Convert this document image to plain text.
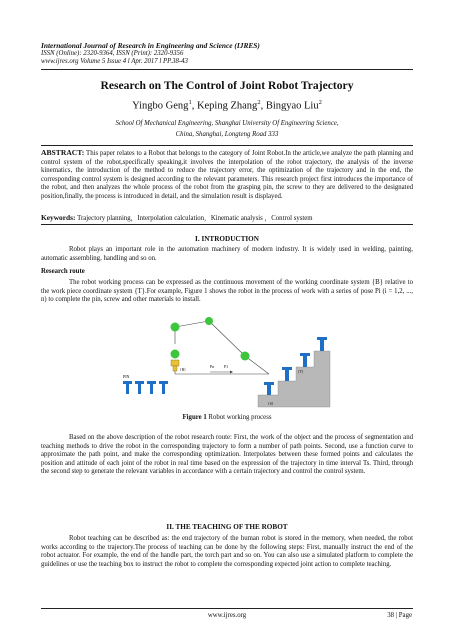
International Journal of Research in Engineering and Science (IJRES)
ISSN (Online): 2320-9364, ISSN (Print): 2320-9356
www.ijres.org Volume 5 Issue 4 l Apr. 2017 l PP.38-43
Research on The Control of Joint Robot Trajectory
Yingbo Geng$^1$, Keping Zhang$^2$, Bingyao Liu$^2$
School Of Mechanical Engineering, Shanghai University Of Engineering Science,
China, Shanghai, Longteng Road 333
ABSTRACT: This paper relates to a Robot that belongs to the category of Joint Robot.In the article,we analyze the path planning and control system of the robot,specifically speaking,it involves the interpolation of the robot trajectory, the analysis of the inverse kinematics, the introduction of the method to reduce the trajectory error, the optimization of the trajectory and in the end, the corresponding control system is designed according to the relevant parameters. This research project first introduces the importance of the robot, and then analyzes the whole process of the robot from the grasping pin, the screw to they are delivered to the designated position,finally, the process is introduced in detail, and the simulation result is displayed.
Keywords: Trajectory planning，Interpolation calculation，Kinematic analysis ，Control system
I. INTRODUCTION
Robot plays an important role in the automation machinery of modern industry. It is widely used in welding, painting, automatic assembling, handling and so on.
Research route
The robot working process can be expressed as the continuous movement of the working coordinate system {B} relative to the work piece coordinate system {T}.For example, Figure 1 shows the robot in the process of work with a series of pose Pi (i = 1,2, ..., n) to complete the pin, screw and other materials to install.
{B}
Pn	P1
PIN
{S}
{T}
Figure 1 Robot working process
Based on the above description of the robot research route: First, the work of the object and the process of segmentation and teaching methods to drive the robot in the corresponding trajectory to form a number of path points. Second, use a function curve to approximate the path point, and make the corresponding optimization. Interpolates between these formed points and calculates the position and attitude of each joint of the robot in real time based on the expression of the trajectory in time interval Ts. Third, through the second step to generate the relevant variables in accordance with a certain trajectory and control the control system.
II. THE TEACHING OF THE ROBOT
Robot teaching can be described as: the end trajectory of the human robot is stored in the memory, when needed, the robot works according to the trajectory.The process of teaching can be done by the following steps: First, manually instruct the end of the robot actuator. For example, the end of the handle part, the torch part and so on. You can also use a simulated platform to complete the guidelines or use the teaching box to instruct the robot to complete the corresponding expected joint action to complete teaching.
www.ijres.org	38 | Page
